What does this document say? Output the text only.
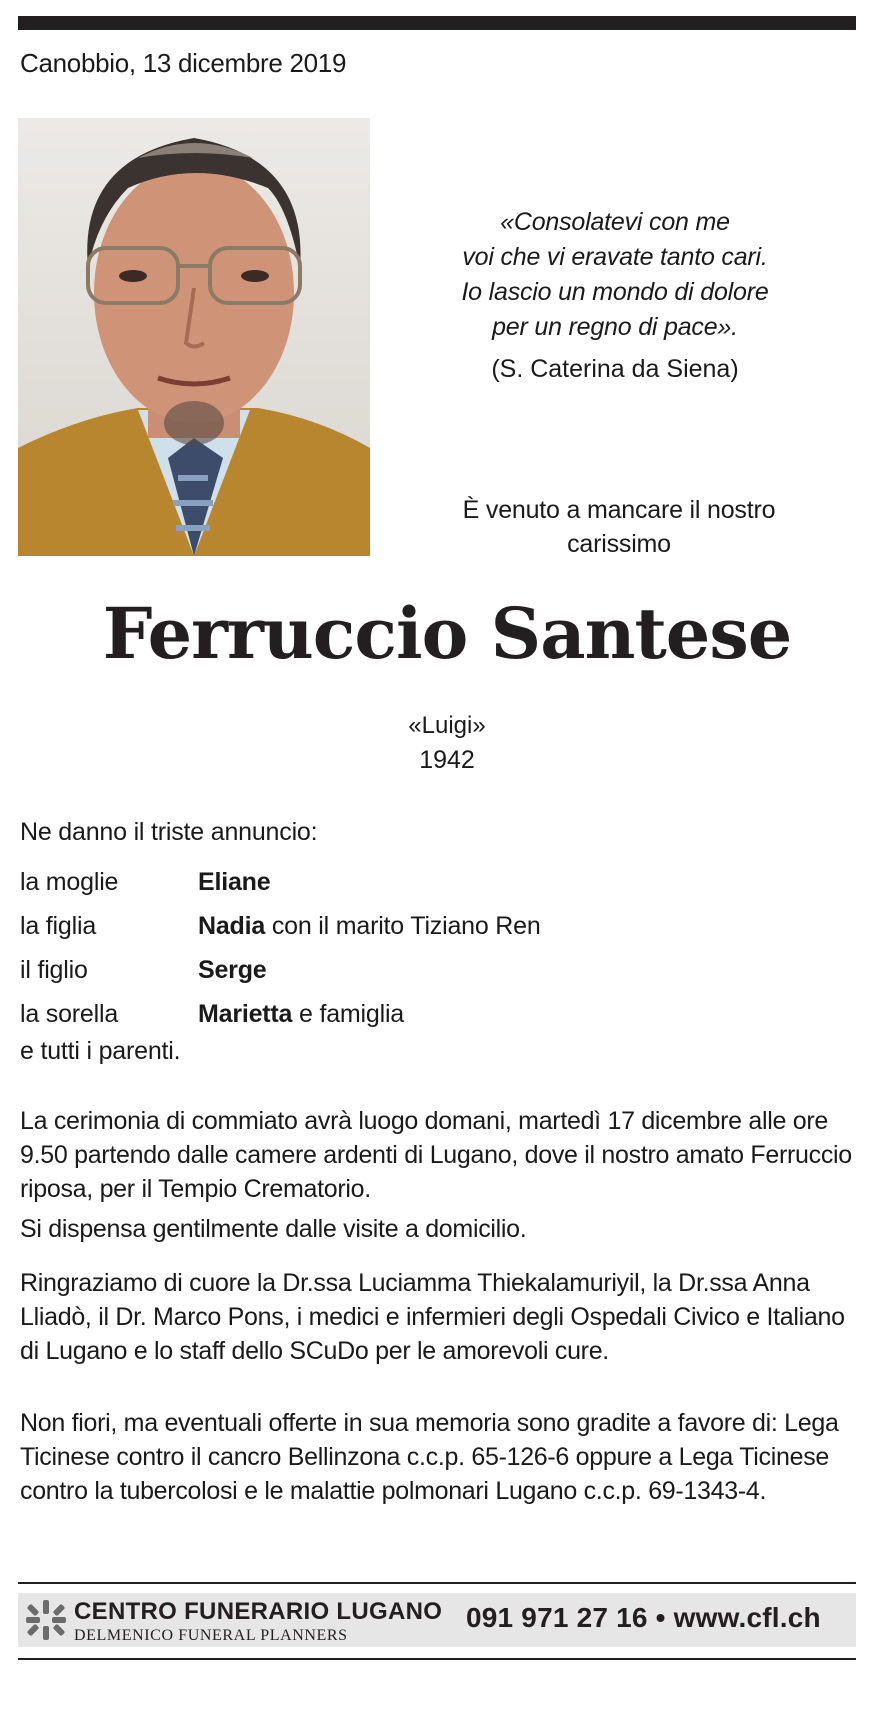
Canobbio, 13 dicembre 2019
«Consolatevi con me
voi che vi eravate tanto cari.
Io lascio un mondo di dolore
per un regno di pace».
(S. Caterina da Siena)
È venuto a mancare il nostro
carissimo
Ferruccio Santese
«Luigi»
1942
Ne danno il triste annuncio:
la moglie	Eliane
la figlia	Nadia con il marito Tiziano Ren
il figlio	Serge
la sorella	Marietta e famiglia
e tutti i parenti.
La cerimonia di commiato avrà luogo domani, martedì 17 dicembre alle ore 9.50 partendo dalle camere ardenti di Lugano, dove il nostro amato Ferruccio riposa, per il Tempio Crematorio.
Si dispensa gentilmente dalle visite a domicilio.
Ringraziamo di cuore la Dr.ssa Luciamma Thiekalamuriyil, la Dr.ssa Anna Lliadò, il Dr. Marco Pons, i medici e infermieri degli Ospedali Civico e Italiano di Lugano e lo staff dello SCuDo per le amorevoli cure.
Non fiori, ma eventuali offerte in sua memoria sono gradite a favore di: Lega Ticinese contro il cancro Bellinzona c.c.p. 65-126-6 oppure a Lega Ticinese contro la tubercolosi e le malattie polmonari Lugano c.c.p. 69-1343-4.
CENTRO FUNERARIO LUGANO
DELMENICO FUNERAL PLANNERS
091 971 27 16 • www.cfl.ch
